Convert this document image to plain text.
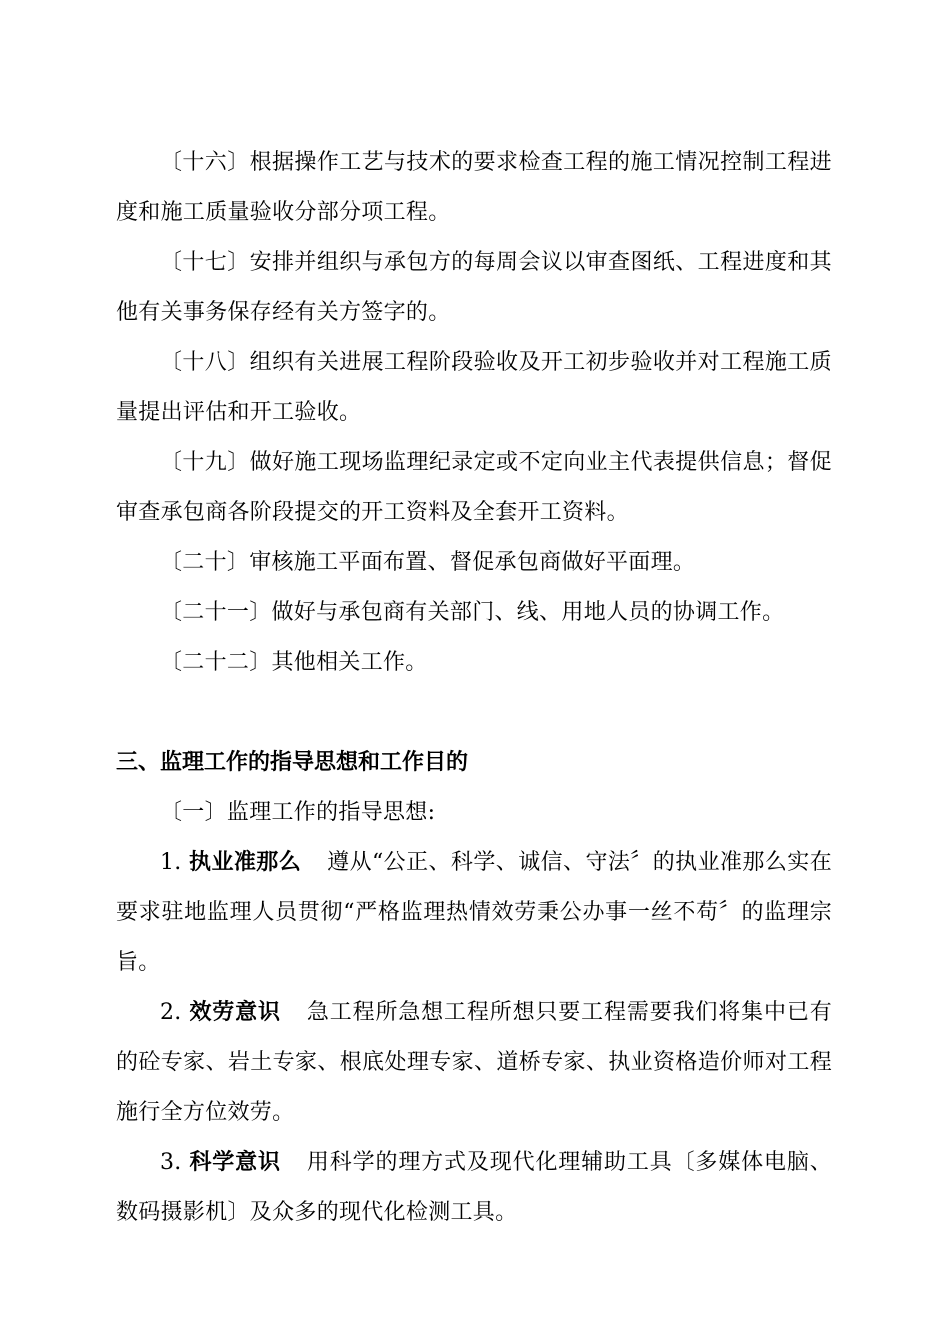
〔十六〕根据操作工艺与技术的要求检查工程的施工情况控制工程进度和施工质量验收分部分项工程。

〔十七〕安排并组织与承包方的每周会议以审查图纸、工程进度和其他有关事务保存经有关方签字的。

〔十八〕组织有关进展工程阶段验收及开工初步验收并对工程施工质量提出评估和开工验收。

〔十九〕做好施工现场监理纪录定或不定向业主代表提供信息；督促审查承包商各阶段提交的开工资料及全套开工资料。

〔二十〕审核施工平面布置、督促承包商做好平面理。

〔二十一〕做好与承包商有关部门、线、用地人员的协调工作。

〔二十二〕其他相关工作。

三、监理工作的指导思想和工作目的

〔一〕监理工作的指导思想:

1. 执业准那么 遵从“公正、科学、诚信、守法〞的执业准那么实在要求驻地监理人员贯彻“严格监理热情效劳秉公办事一丝不苟〞的监理宗旨。

2. 效劳意识 急工程所急想工程所想只要工程需要我们将集中已有的砼专家、岩土专家、根底处理专家、道桥专家、执业资格造价师对工程施行全方位效劳。

3. 科学意识 用科学的理方式及现代化理辅助工具〔多媒体电脑、数码摄影机〕及众多的现代化检测工具。
